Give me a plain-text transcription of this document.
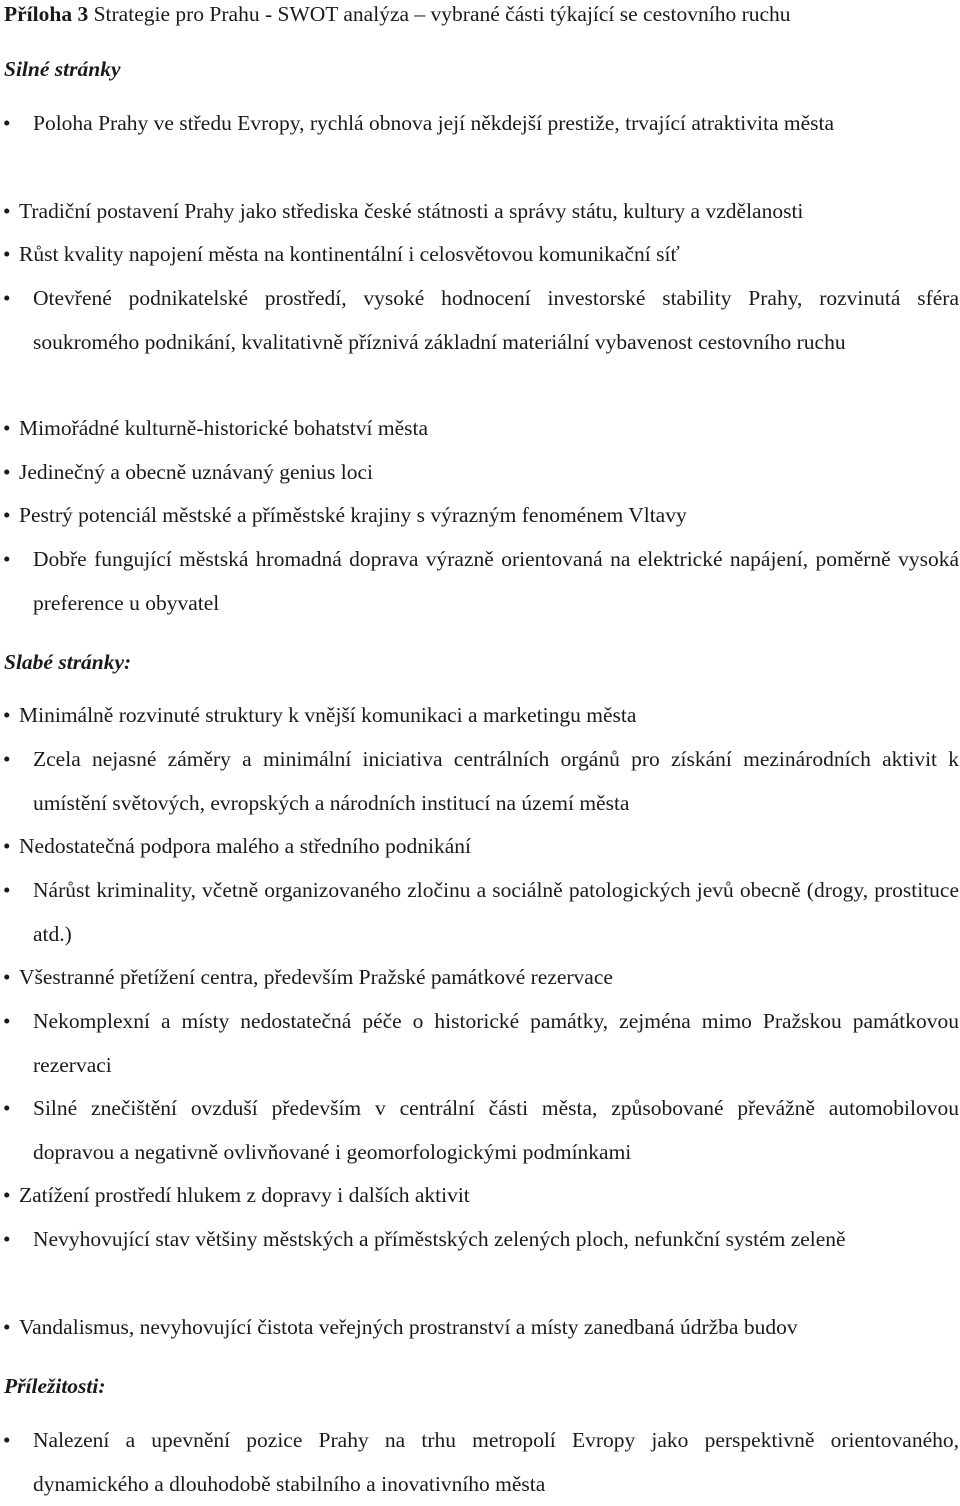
Příloha 3 Strategie pro Prahu - SWOT analýza – vybrané části týkající se cestovního ruchu
Silné stránky
• Poloha Prahy ve středu Evropy, rychlá obnova její někdejší prestiže, trvající atraktivita města
• Tradiční postavení Prahy jako střediska české státnosti a správy státu, kultury a vzdělanosti
• Růst kvality napojení města na kontinentální i celosvětovou komunikační síť
• Otevřené podnikatelské prostředí, vysoké hodnocení investorské stability Prahy, rozvinutá sféra soukromého podnikání, kvalitativně příznivá základní materiální vybavenost cestovního ruchu
• Mimořádné kulturně-historické bohatství města
• Jedinečný a obecně uznávaný genius loci
• Pestrý potenciál městské a příměstské krajiny s výrazným fenoménem Vltavy
• Dobře fungující městská hromadná doprava výrazně orientovaná na elektrické napájení, poměrně vysoká preference u obyvatel
Slabé stránky:
• Minimálně rozvinuté struktury k vnější komunikaci a marketingu města
• Zcela nejasné záměry a minimální iniciativa centrálních orgánů pro získání mezinárodních aktivit k umístění světových, evropských a národních institucí na území města
• Nedostatečná podpora malého a středního podnikání
• Nárůst kriminality, včetně organizovaného zločinu a sociálně patologických jevů obecně (drogy, prostituce atd.)
• Všestranné přetížení centra, především Pražské památkové rezervace
• Nekomplexní a místy nedostatečná péče o historické památky, zejména mimo Pražskou památkovou rezervaci
• Silné znečištění ovzduší především v centrální části města, způsobované převážně automobilovou dopravou a negativně ovlivňované i geomorfologickými podmínkami
• Zatížení prostředí hlukem z dopravy i dalších aktivit
• Nevyhovující stav většiny městských a příměstských zelených ploch, nefunkční systém zeleně
• Vandalismus, nevyhovující čistota veřejných prostranství a místy zanedbaná údržba budov
Příležitosti:
• Nalezení a upevnění pozice Prahy na trhu metropolí Evropy jako perspektivně orientovaného, dynamického a dlouhodobě stabilního a inovativního města
